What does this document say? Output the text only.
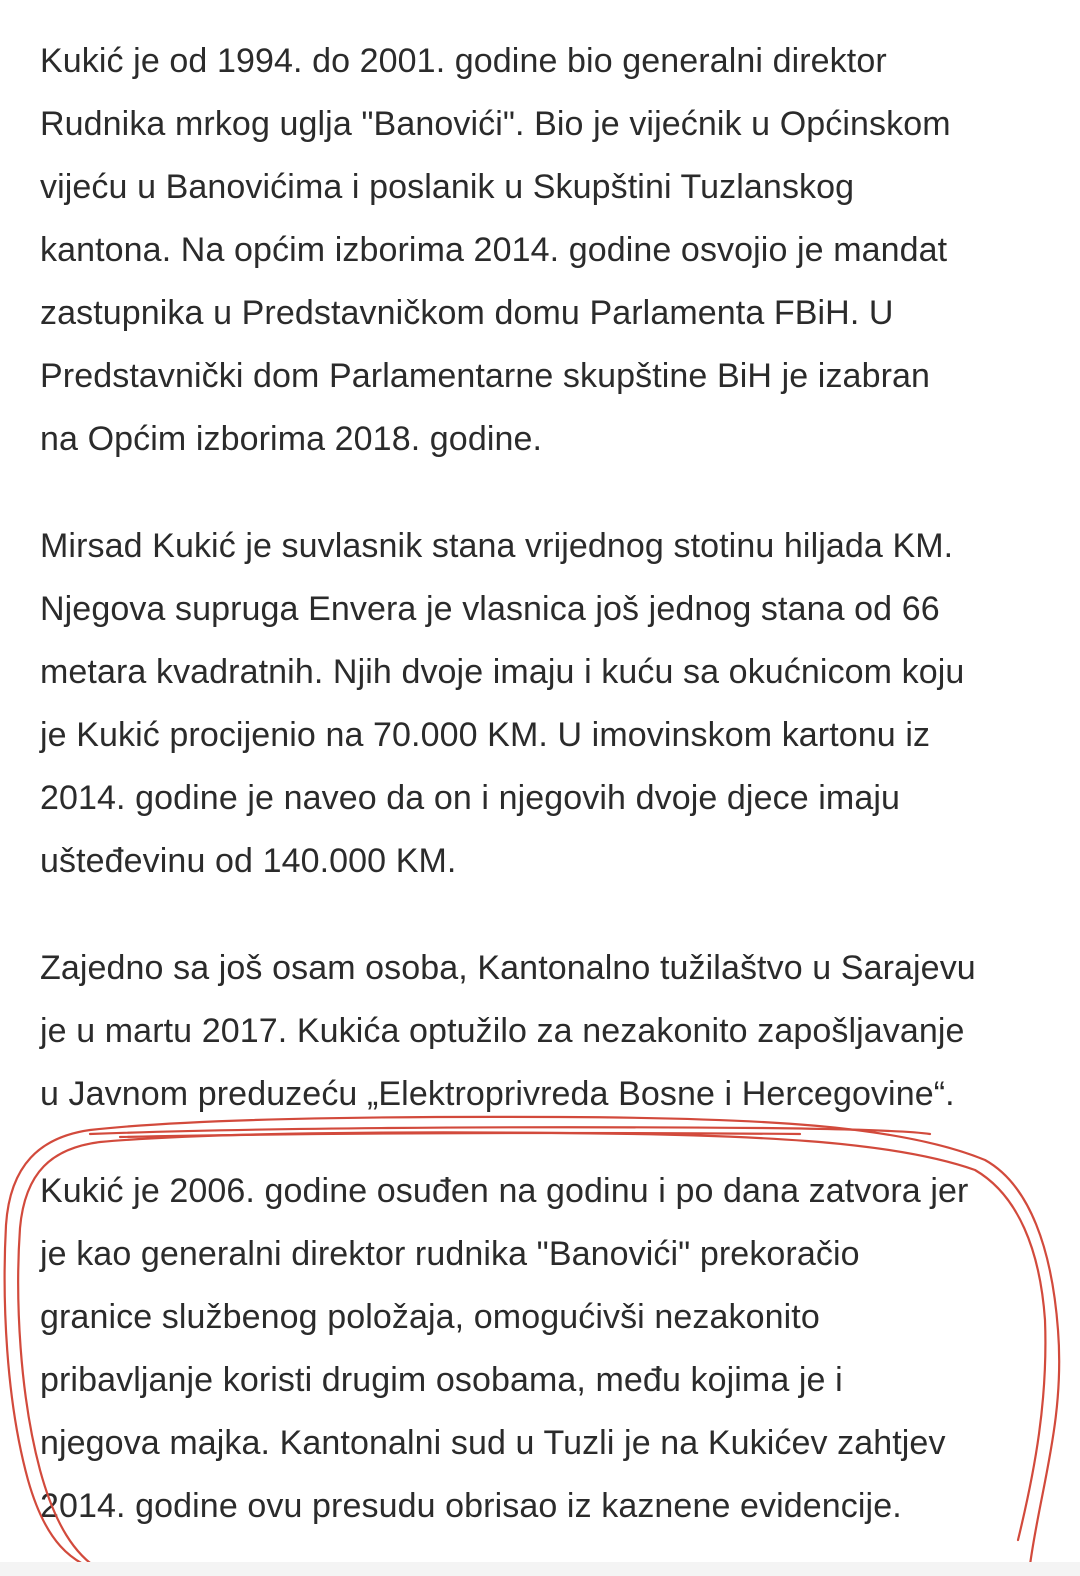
Kukić je od 1994. do 2001. godine bio generalni direktor
Rudnika mrkog uglja "Banovići". Bio je vijećnik u Općinskom
vijeću u Banovićima i poslanik u Skupštini Tuzlanskog
kantona. Na općim izborima 2014. godine osvojio je mandat
zastupnika u Predstavničkom domu Parlamenta FBiH. U
Predstavnički dom Parlamentarne skupštine BiH je izabran
na Općim izborima 2018. godine.

Mirsad Kukić je suvlasnik stana vrijednog stotinu hiljada KM.
Njegova supruga Envera je vlasnica još jednog stana od 66
metara kvadratnih. Njih dvoje imaju i kuću sa okućnicom koju
je Kukić procijenio na 70.000 KM. U imovinskom kartonu iz
2014. godine je naveo da on i njegovih dvoje djece imaju
ušteđevinu od 140.000 KM.

Zajedno sa još osam osoba, Kantonalno tužilaštvo u Sarajevu
je u martu 2017. Kukića optužilo za nezakonito zapošljavanje
u Javnom preduzeću „Elektroprivreda Bosne i Hercegovine“.

Kukić je 2006. godine osuđen na godinu i po dana zatvora jer
je kao generalni direktor rudnika "Banovići" prekoračio
granice službenog položaja, omogućivši nezakonito
pribavljanje koristi drugim osobama, među kojima je i
njegova majka. Kantonalni sud u Tuzli je na Kukićev zahtjev
2014. godine ovu presudu obrisao iz kaznene evidencije.
